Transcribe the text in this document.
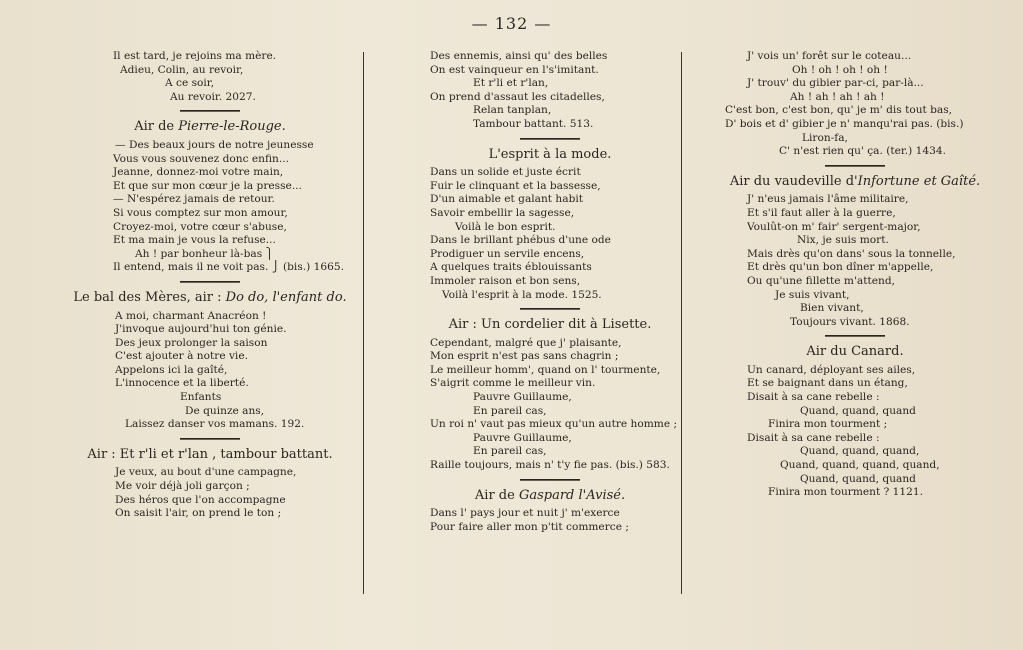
— 132 —
Il est tard, je rejoins ma mère.
Adieu, Colin, au revoir,
A ce soir,
Au revoir. 2027.
Air de Pierre-le-Rouge.
— Des beaux jours de notre jeunesse
Vous vous souvenez donc enfin...
Jeanne, donnez-moi votre main,
Et que sur mon cœur je la presse...
— N'espérez jamais de retour.
Si vous comptez sur mon amour,
Croyez-moi, votre cœur s'abuse,
Et ma main je vous la refuse...
Ah ! par bonheur là-bas ⎫
Il entend, mais il ne voit pas. ⎭ (bis.) 1665.
Le bal des Mères, air : Do do, l'enfant do.
A moi, charmant Anacréon !
J'invoque aujourd'hui ton génie.
Des jeux prolonger la saison
C'est ajouter à notre vie.
Appelons ici la gaîté,
L'innocence et la liberté.
Enfants
De quinze ans,
Laissez danser vos mamans. 192.
Air : Et r'li et r'lan , tambour battant.
Je veux, au bout d'une campagne,
Me voir déjà joli garçon ;
Des héros que l'on accompagne
On saisit l'air, on prend le ton ;
Des ennemis, ainsi qu' des belles
On est vainqueur en l's'imitant.
Et r'li et r'lan,
On prend d'assaut les citadelles,
Relan tanplan,
Tambour battant. 513.
L'esprit à la mode.
Dans un solide et juste écrit
Fuir le clinquant et la bassesse,
D'un aimable et galant habit
Savoir embellir la sagesse,
Voilà le bon esprit.
Dans le brillant phébus d'une ode
Prodiguer un servile encens,
A quelques traits éblouissants
Immoler raison et bon sens,
Voilà l'esprit à la mode. 1525.
Air : Un cordelier dit à Lisette.
Cependant, malgré que j' plaisante,
Mon esprit n'est pas sans chagrin ;
Le meilleur homm', quand on l' tourmente,
S'aigrit comme le meilleur vin.
Pauvre Guillaume,
En pareil cas,
Un roi n' vaut pas mieux qu'un autre homme ;
Pauvre Guillaume,
En pareil cas,
Raille toujours, mais n' t'y fie pas. (bis.) 583.
Air de Gaspard l'Avisé.
Dans l' pays jour et nuit j' m'exerce
Pour faire aller mon p'tit commerce ;
J' vois un' forêt sur le coteau...
Oh ! oh ! oh ! oh !
J' trouv' du gibier par-ci, par-là...
Ah ! ah ! ah ! ah !
C'est bon, c'est bon, qu' je m' dis tout bas,
D' bois et d' gibier je n' manqu'rai pas. (bis.)
Liron-fa,
C' n'est rien qu' ça. (ter.) 1434.
Air du vaudeville d'Infortune et Gaîté.
J' n'eus jamais l'âme militaire,
Et s'il faut aller à la guerre,
Voulût-on m' fair' sergent-major,
Nix, je suis mort.
Mais drès qu'on dans' sous la tonnelle,
Et drès qu'un bon dîner m'appelle,
Ou qu'une fillette m'attend,
Je suis vivant,
Bien vivant,
Toujours vivant. 1868.
Air du Canard.
Un canard, déployant ses ailes,
Et se baignant dans un étang,
Disait à sa cane rebelle :
Quand, quand, quand
Finira mon tourment ;
Disait à sa cane rebelle :
Quand, quand, quand,
Quand, quand, quand, quand,
Quand, quand, quand
Finira mon tourment ? 1121.
